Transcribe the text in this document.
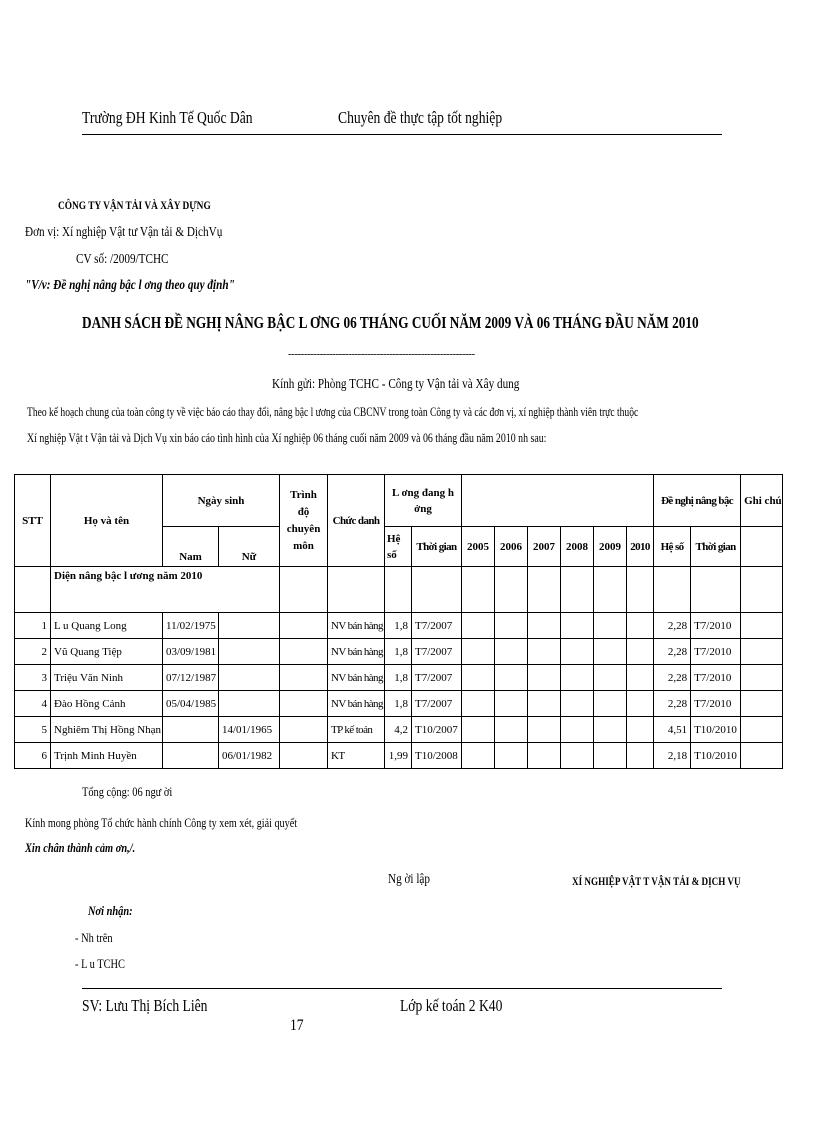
Trường ĐH Kinh Tế Quốc Dân	Chuyên đề thực tập tốt nghiệp
CÔNG TY VẬN TẢI VÀ XÂY DỰNG
Đơn vị: Xí nghiệp Vật tư Vận tải & DịchVụ
CV số: /2009/TCHC
"V/v: Đề nghị nâng bậc l ơng theo quy định"
DANH SÁCH ĐỀ NGHỊ NÂNG BẬC L ƠNG 06 THÁNG CUỐI NĂM 2009 VÀ 06 THÁNG ĐẦU NĂM 2010
-----------------------------------------------------------
Kính gửi: Phòng TCHC - Công ty Vận tải và Xây dung
Theo kế hoạch chung của toàn công ty về việc báo cáo thay đổi, nâng bậc l ương của CBCNV trong toàn Công ty và các đơn vị, xí nghiệp thành viên trực thuộc
Xí nghiệp Vật t Vận tải và Dịch Vụ xin báo cáo tình hình của Xí nghiệp 06 tháng cuối năm 2009 và 06 tháng đầu năm 2010 nh sau:
STT	Họ và tên	Ngày sinh		Trình độ chuyên môn	Chức danh	L ơng đang h ởng								Đề nghị nâng bậc		Ghi chú
		Nam	Nữ			Hệ số	Thời gian	2005	2006	2007	2008	2009	2010	Hệ số	Thời gian	
	Diện nâng bậc l ương năm 2010															
1	L u Quang Long	11/02/1975			NV bán hàng	1,8	T7/2007							2,28	T7/2010	
2	Vũ Quang Tiệp	03/09/1981			NV bán hàng	1,8	T7/2007							2,28	T7/2010	
3	Triệu Văn Ninh	07/12/1987			NV bán hàng	1,8	T7/2007							2,28	T7/2010	
4	Đào Hồng Cảnh	05/04/1985			NV bán hàng	1,8	T7/2007							2,28	T7/2010	
5	Nghiêm Thị Hồng Nhạn		14/01/1965		TP kế toán	4,2	T10/2007							4,51	T10/2010	
6	Trịnh Minh Huyền		06/01/1982		KT	1,99	T10/2008							2,18	T10/2010	
Tổng cộng: 06 ngư ời
Kính mong phòng Tổ chức hành chính Công ty xem xét, giải quyết
Xin chân thành cảm ơn,/.
Ng ời lập	XÍ NGHIỆP VẬT T VẬN TẢI & DỊCH VỤ
Nơi nhận:
- Nh trên
- L u TCHC
SV: Lưu Thị Bích Liên	Lớp kế toán 2 K40
17
